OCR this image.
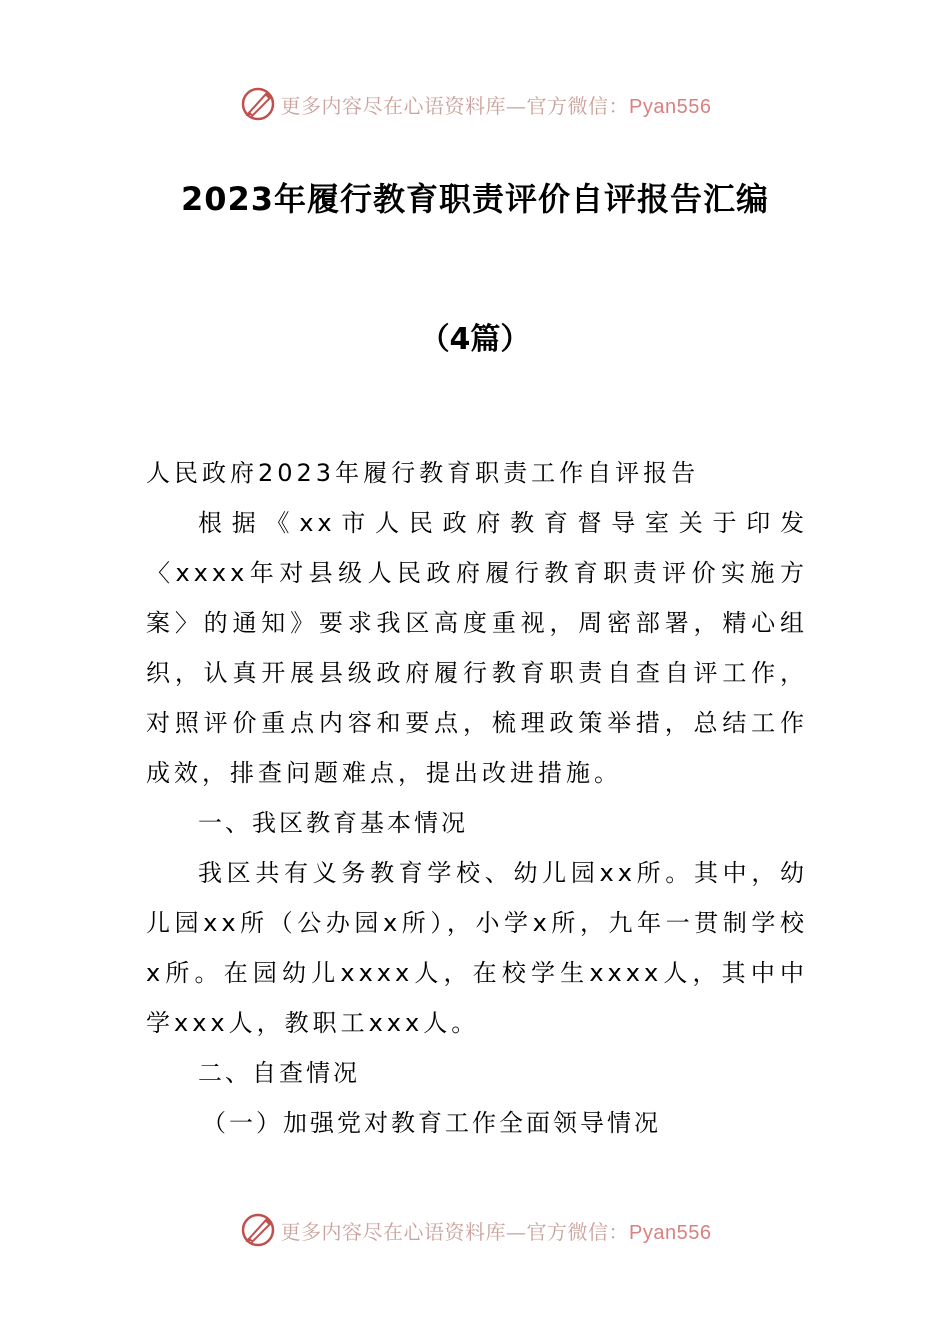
更多内容尽在心语资料库—官方微信：Pyan556
2023年履行教育职责评价自评报告汇编
（4篇）

人民政府2023年履行教育职责工作自评报告

根据《xx市人民政府教育督导室关于印发〈xxxx年对县级人民政府履行教育职责评价实施方案〉的通知》要求我区高度重视，周密部署，精心组织，认真开展县级政府履行教育职责自查自评工作，对照评价重点内容和要点，梳理政策举措，总结工作成效，排查问题难点，提出改进措施。

一、我区教育基本情况

我区共有义务教育学校、幼儿园xx所。其中，幼儿园xx所（公办园x所），小学x所，九年一贯制学校x所。在园幼儿xxxx人，在校学生xxxx人，其中中学xxx人，教职工xxx人。

二、自查情况

（一）加强党对教育工作全面领导情况

更多内容尽在心语资料库—官方微信：Pyan556
